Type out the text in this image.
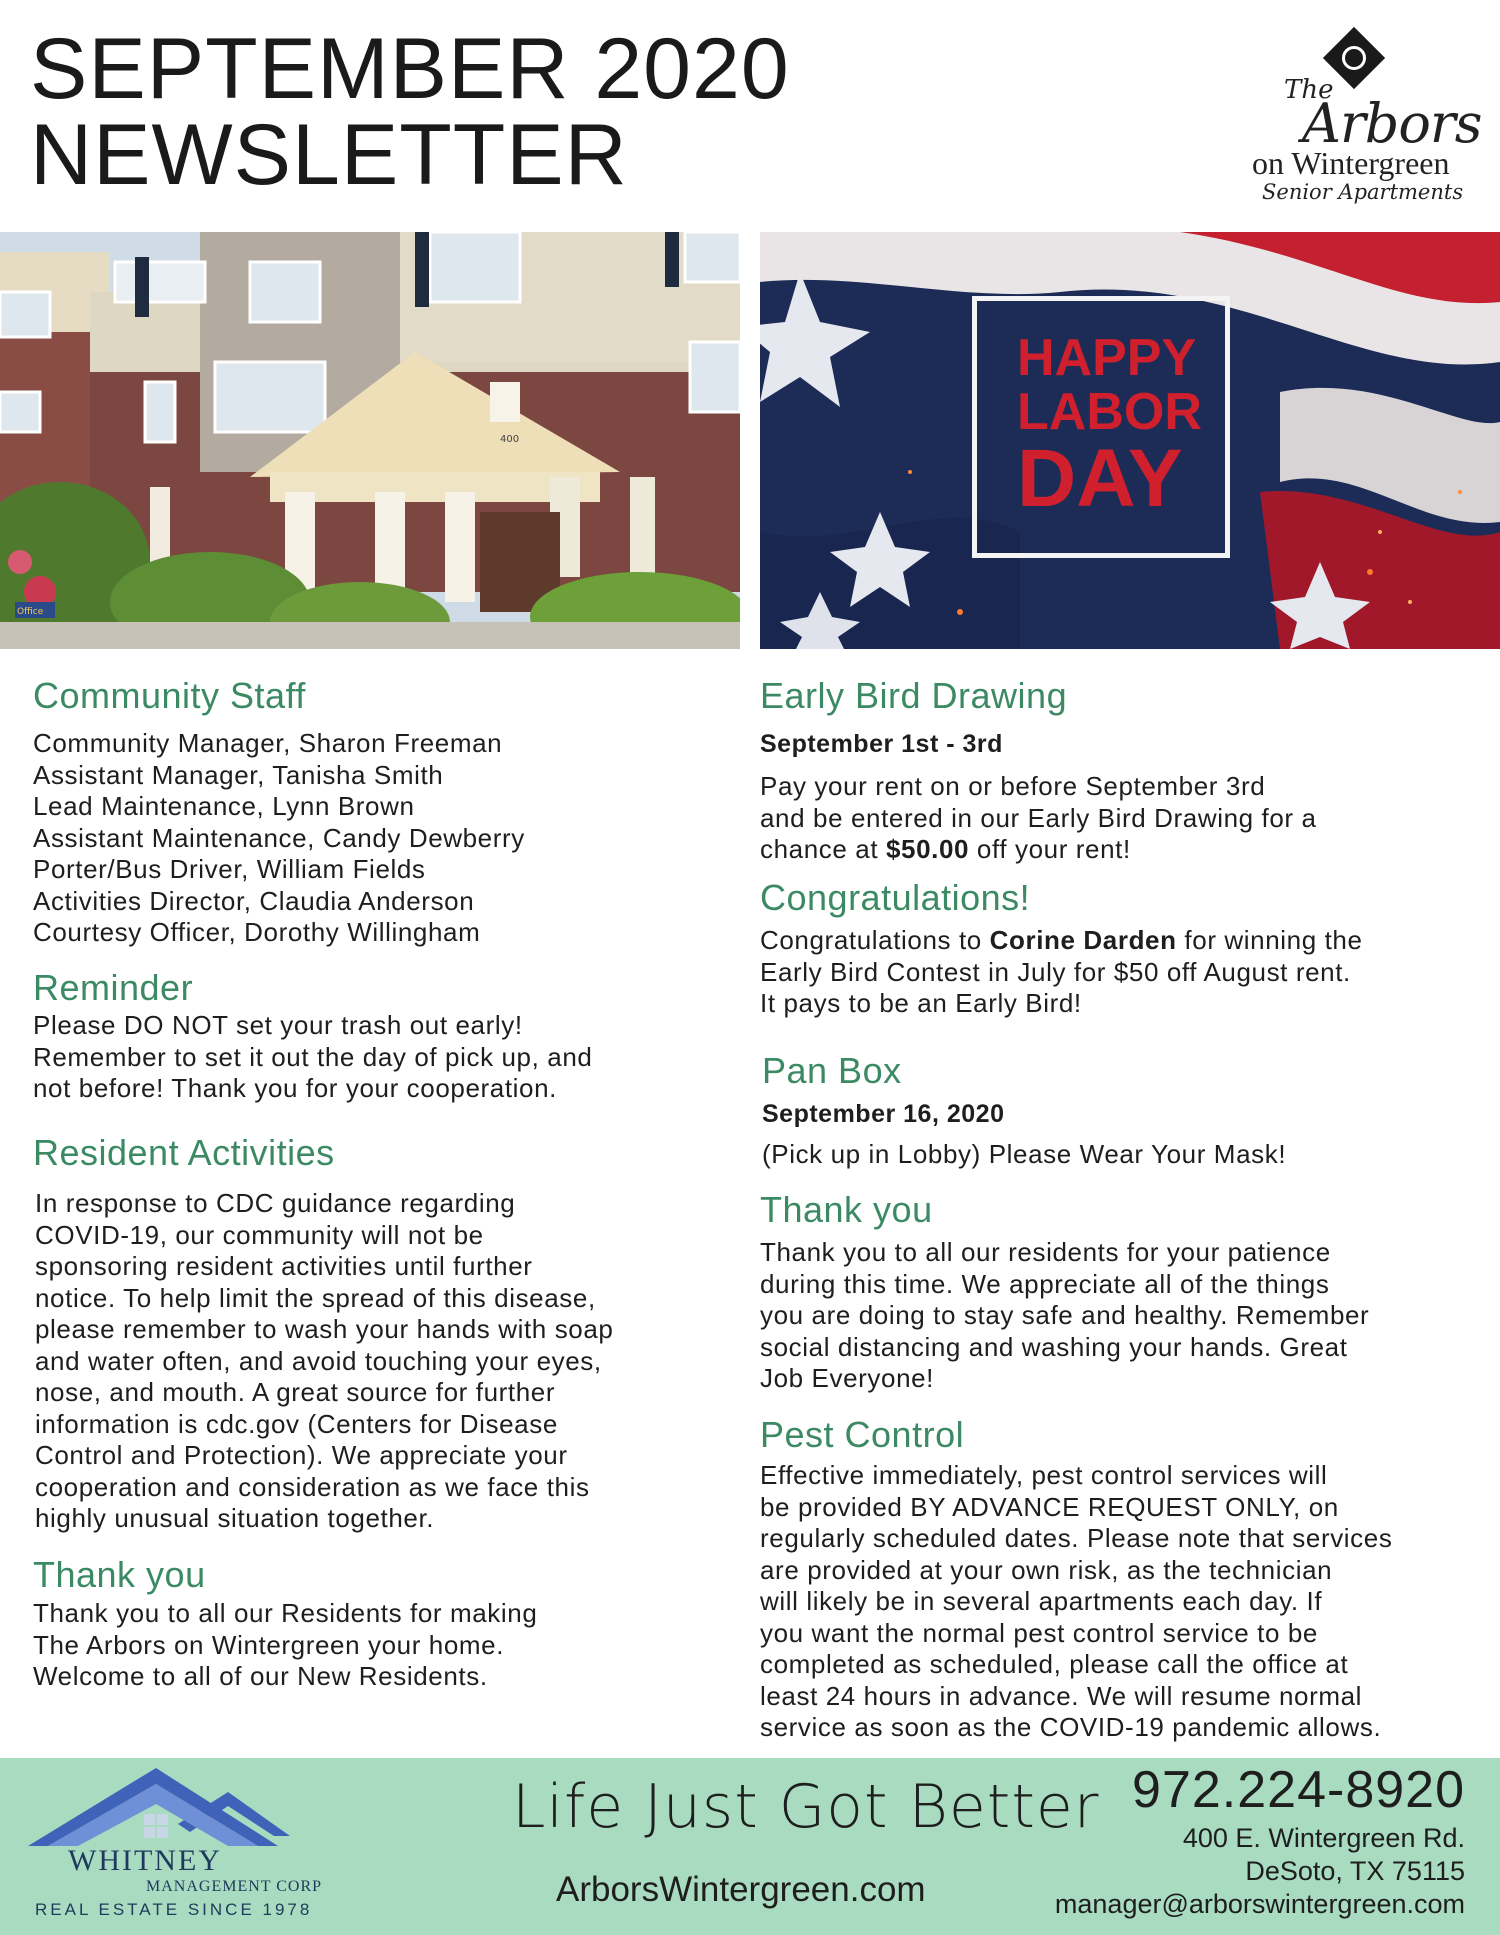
SEPTEMBER 2020
NEWSLETTER
The
Arbors
on Wintergreen
Senior Apartments
400
Office
HAPPY
LABOR
DAY
Community Staff
Community Manager, Sharon Freeman
Assistant Manager, Tanisha Smith
Lead Maintenance, Lynn Brown
Assistant Maintenance, Candy Dewberry
Porter/Bus Driver, William Fields
Activities Director, Claudia Anderson
Courtesy Officer, Dorothy Willingham
Reminder
Please DO NOT set your trash out early!
Remember to set it out the day of pick up, and
not before! Thank you for your cooperation.
Resident Activities
In response to CDC guidance regarding
COVID-19, our community will not be
sponsoring resident activities until further
notice. To help limit the spread of this disease,
please remember to wash your hands with soap
and water often, and avoid touching your eyes,
nose, and mouth. A great source for further
information is cdc.gov (Centers for Disease
Control and Protection). We appreciate your
cooperation and consideration as we face this
highly unusual situation together.
Thank you
Thank you to all our Residents for making
The Arbors on Wintergreen your home.
Welcome to all of our New Residents.
Early Bird Drawing
September 1st - 3rd
Pay your rent on or before September 3rd
and be entered in our Early Bird Drawing for a
chance at $50.00 off your rent!
Congratulations!
Congratulations to Corine Darden for winning the
Early Bird Contest in July for $50 off August rent.
It pays to be an Early Bird!
Pan Box
September 16, 2020
(Pick up in Lobby) Please Wear Your Mask!
Thank you
Thank you to all our residents for your patience
during this time. We appreciate all of the things
you are doing to stay safe and healthy. Remember
social distancing and washing your hands. Great
Job Everyone!
Pest Control
Effective immediately, pest control services will
be provided BY ADVANCE REQUEST ONLY, on
regularly scheduled dates. Please note that services
are provided at your own risk, as the technician
will likely be in several apartments each day. If
you want the normal pest control service to be
completed as scheduled, please call the office at
least 24 hours in advance. We will resume normal
service as soon as the COVID-19 pandemic allows.
WHITNEY
MANAGEMENT CORP
REAL ESTATE SINCE 1978
Life Just Got Better
ArborsWintergreen.com
972.224-8920
400 E. Wintergreen Rd.
DeSoto, TX 75115
manager@arborswintergreen.com
